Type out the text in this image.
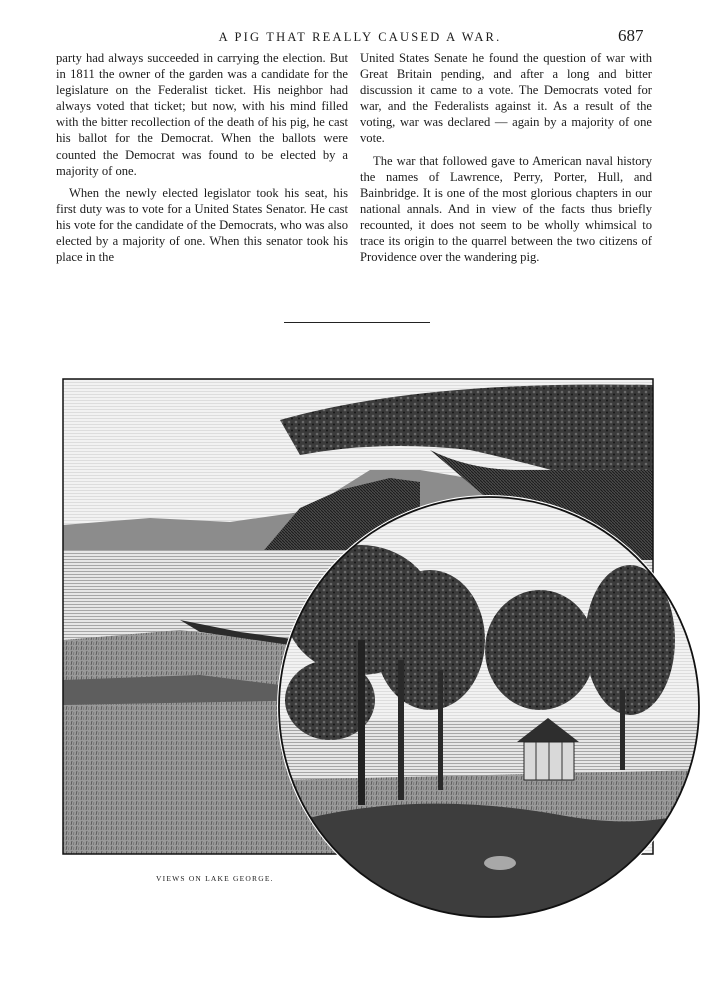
A PIG THAT REALLY CAUSED A WAR.	687

party had always succeeded in carrying the election. But in 1811 the owner of the garden was a candidate for the legislature on the Federalist ticket. His neighbor had always voted that ticket; but now, with his mind filled with the bitter recollection of the death of his pig, he cast his ballot for the Democrat. When the ballots were counted the Democrat was found to be elected by a majority of one.

When the newly elected legislator took his seat, his first duty was to vote for a United States Senator. He cast his vote for the candidate of the Democrats, who was also elected by a majority of one. When this senator took his place in the

United States Senate he found the question of war with Great Britain pending, and after a long and bitter discussion it came to a vote. The Democrats voted for war, and the Federalists against it. As a result of the voting, war was declared — again by a majority of one vote.

The war that followed gave to American naval history the names of Lawrence, Perry, Porter, Hull, and Bainbridge. It is one of the most glorious chapters in our national annals. And in view of the facts thus briefly recounted, it does not seem to be wholly whimsical to trace its origin to the quarrel between the two citizens of Providence over the wandering pig.

VIEWS ON LAKE GEORGE.
